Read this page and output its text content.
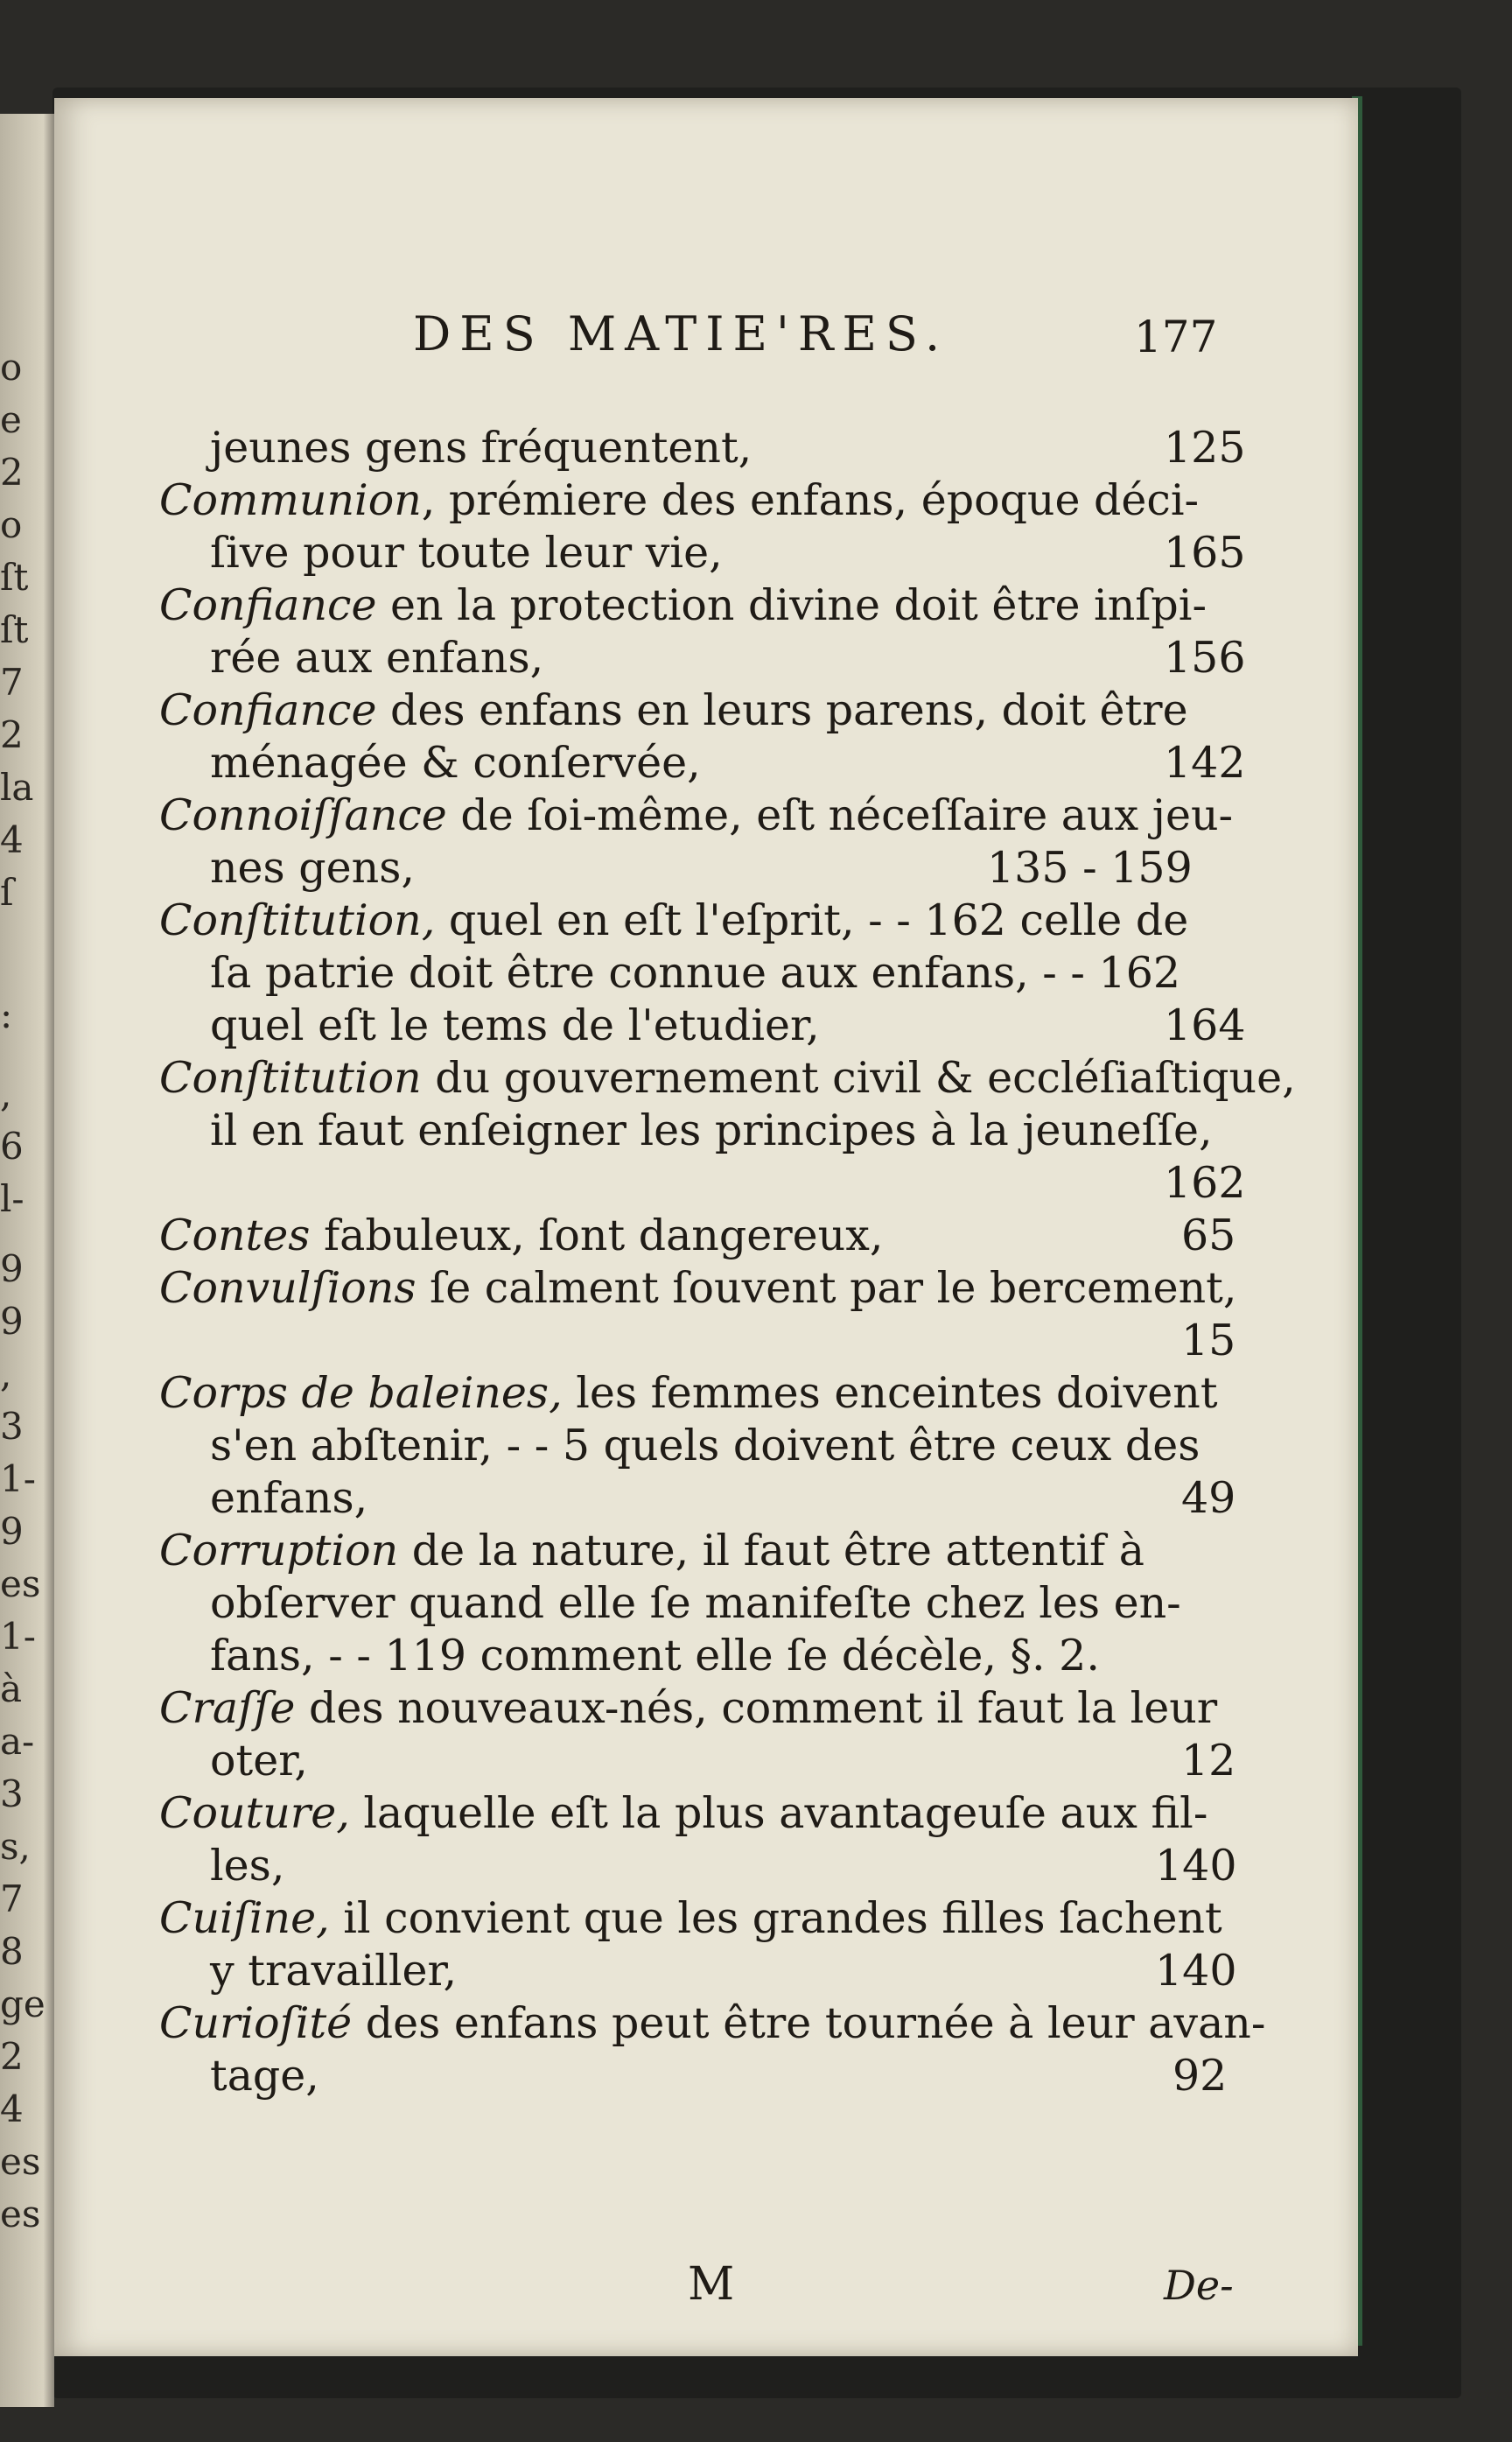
o
e
2
o
ſt
ſt
7
2
la
4
ſ
:
,
6
l-
9
9
,
3
1-
9
es
1-
à
a-
3
s,
7
8
ge
2
4
es
es
DES MATIE'RES.	177
jeunes gens fréquentent,	125
Communion, prémiere des enfans, époque déci-
ſive pour toute leur vie,	165
Confiance en la protection divine doit être inſpi-
rée aux enfans,	156
Confiance des enfans en leurs parens, doit être
ménagée & conſervée,	142
Connoiſſance de ſoi-même, eſt néceſſaire aux jeu-
nes gens,	135 - 159
Conſtitution, quel en eſt l'eſprit, - - 162 celle de
ſa patrie doit être connue aux enfans, - - 162
quel eſt le tems de l'etudier,	164
Conſtitution du gouvernement civil & eccléſiaſtique,
il en faut enſeigner les principes à la jeuneſſe,
162
Contes fabuleux, ſont dangereux,	65
Convulſions ſe calment ſouvent par le bercement,
15
Corps de baleines, les femmes enceintes doivent
s'en abſtenir, - - 5 quels doivent être ceux des
enfans,	49
Corruption de la nature, il faut être attentif à
obſerver quand elle ſe manifeſte chez les en-
fans, - - 119 comment elle ſe décèle, §. 2.
Craſſe des nouveaux-nés, comment il faut la leur
oter,	12
Couture, laquelle eſt la plus avantageuſe aux fil-
les,	140
Cuiſine, il convient que les grandes filles ſachent
y travailler,	140
Curioſité des enfans peut être tournée à leur avan-
tage,	92
M	De-
